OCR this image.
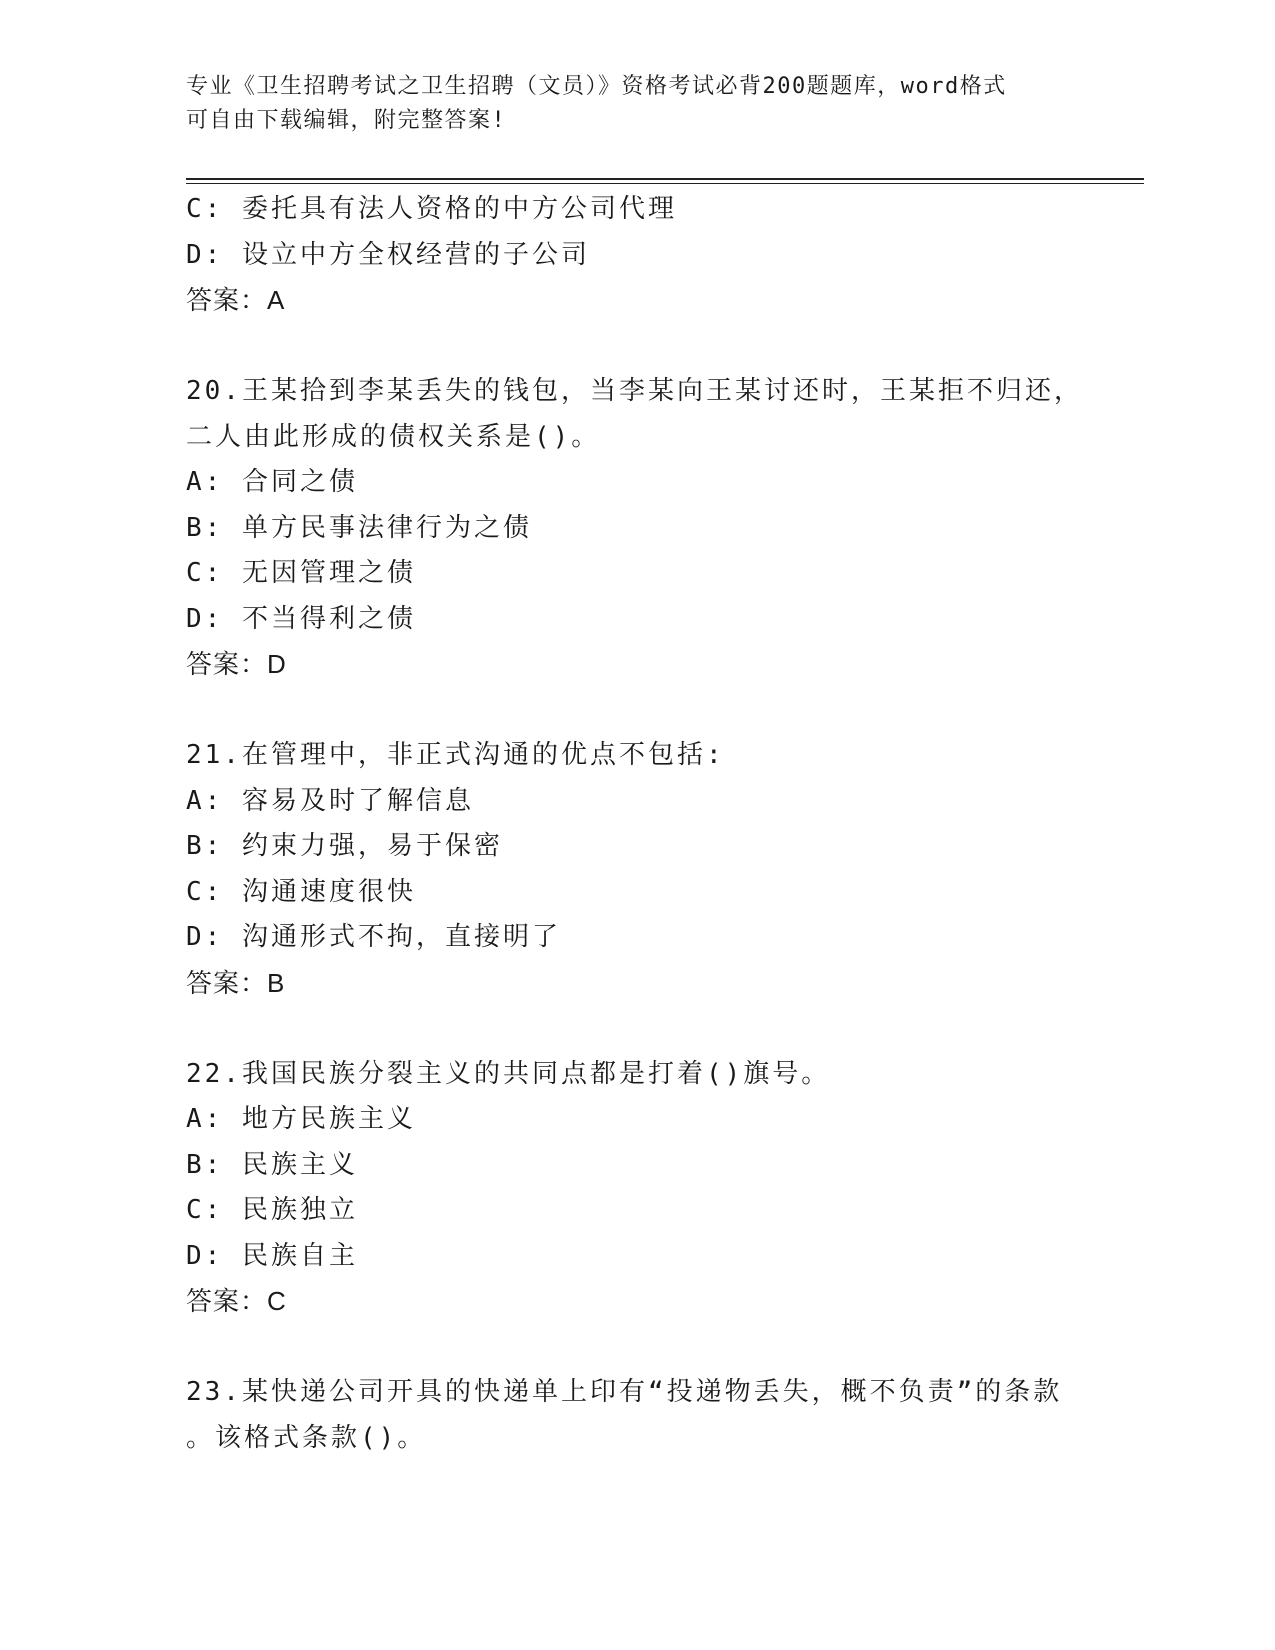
专业《卫生招聘考试之卫生招聘（文员）》资格考试必背200题题库，word格式
可自由下载编辑，附完整答案!
C: 委托具有法人资格的中方公司代理
D: 设立中方全权经营的子公司
答案：A
20.王某拾到李某丢失的钱包，当李某向王某讨还时，王某拒不归还，
二人由此形成的债权关系是()。
A: 合同之债
B: 单方民事法律行为之债
C: 无因管理之债
D: 不当得利之债
答案：D
21.在管理中，非正式沟通的优点不包括:
A: 容易及时了解信息
B: 约束力强，易于保密
C: 沟通速度很快
D: 沟通形式不拘，直接明了
答案：B
22.我国民族分裂主义的共同点都是打着()旗号。
A: 地方民族主义
B: 民族主义
C: 民族独立
D: 民族自主
答案：C
23.某快递公司开具的快递单上印有“投递物丢失，概不负责”的条款
。该格式条款()。
